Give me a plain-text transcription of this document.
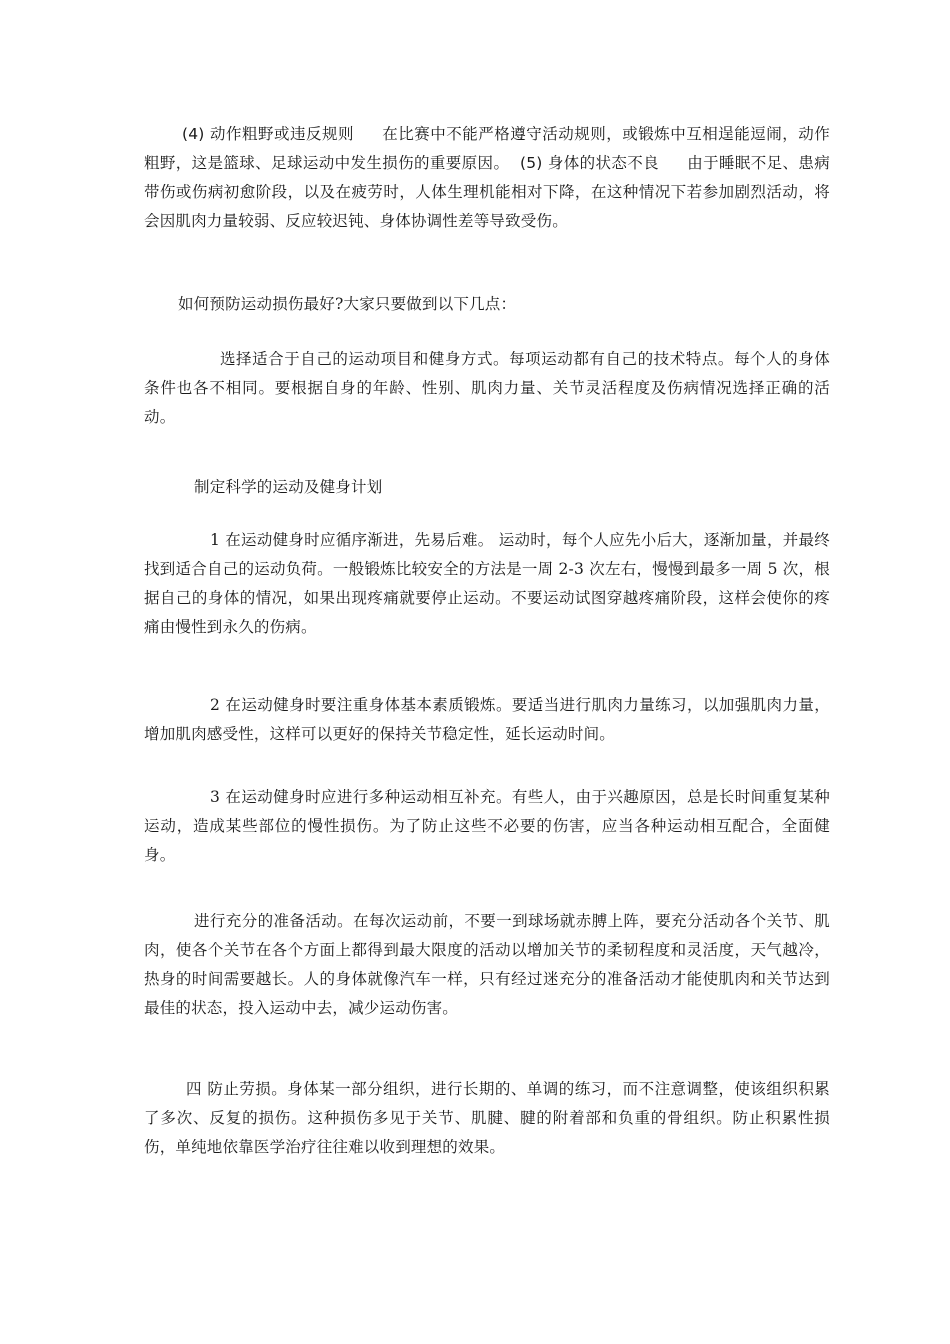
(4) 动作粗野或违反规则 在比赛中不能严格遵守活动规则，或锻炼中互相逞能逗闹，动作粗野，这是篮球、足球运动中发生损伤的重要原因。 (5) 身体的状态不良 由于睡眠不足、患病带伤或伤病初愈阶段，以及在疲劳时，人体生理机能相对下降，在这种情况下若参加剧烈活动，将会因肌肉力量较弱、反应较迟钝、身体协调性差等导致受伤。

如何预防运动损伤最好?大家只要做到以下几点：

选择适合于自己的运动项目和健身方式。每项运动都有自己的技术特点。每个人的身体条件也各不相同。要根据自身的年龄、性别、肌肉力量、关节灵活程度及伤病情况选择正确的活动。

制定科学的运动及健身计划

1 在运动健身时应循序渐进，先易后难。 运动时，每个人应先小后大，逐渐加量，并最终找到适合自己的运动负荷。一般锻炼比较安全的方法是一周 2-3 次左右，慢慢到最多一周 5 次，根据自己的身体的情况，如果出现疼痛就要停止运动。不要运动试图穿越疼痛阶段，这样会使你的疼痛由慢性到永久的伤病。

2 在运动健身时要注重身体基本素质锻炼。要适当进行肌肉力量练习，以加强肌肉力量，增加肌肉感受性，这样可以更好的保持关节稳定性，延长运动时间。

3 在运动健身时应进行多种运动相互补充。有些人，由于兴趣原因，总是长时间重复某种运动，造成某些部位的慢性损伤。为了防止这些不必要的伤害，应当各种运动相互配合，全面健身。

进行充分的准备活动。在每次运动前，不要一到球场就赤膊上阵，要充分活动各个关节、肌肉，使各个关节在各个方面上都得到最大限度的活动以增加关节的柔韧程度和灵活度，天气越冷，热身的时间需要越长。人的身体就像汽车一样，只有经过迷充分的准备活动才能使肌肉和关节达到最佳的状态，投入运动中去，减少运动伤害。

四 防止劳损。身体某一部分组织，进行长期的、单调的练习，而不注意调整，使该组织积累了多次、反复的损伤。这种损伤多见于关节、肌腱、腱的附着部和负重的骨组织。防止积累性损伤，单纯地依靠医学治疗往往难以收到理想的效果。
